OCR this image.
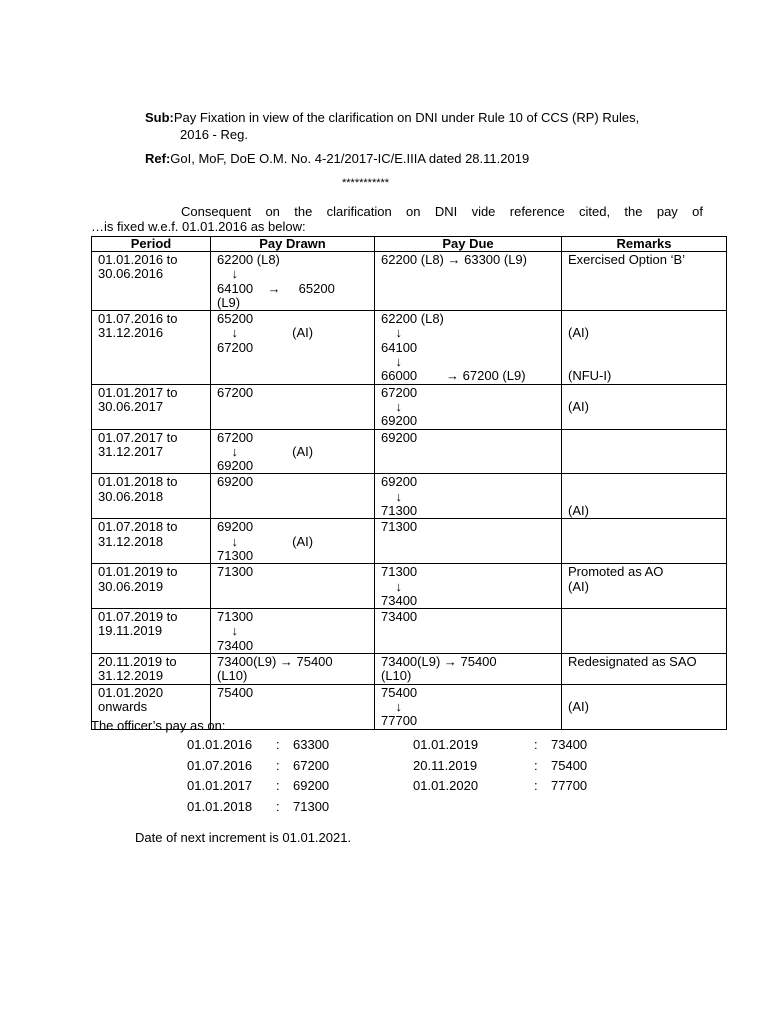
Sub:Pay Fixation in view of the clarification on DNI under Rule 10 of CCS (RP) Rules,
2016 - Reg.
Ref:GoI, MoF, DoE O.M. No. 4-21/2017-IC/E.IIIA dated 28.11.2019
***********
Consequent on the clarification on DNI vide reference cited, the pay of
…is fixed w.e.f. 01.01.2016 as below:
Period	Pay Drawn	Pay Due	Remarks

01.01.2016 to
30.06.2016	62200 (L8)
↓
64100    →     65200
(L9)	62200 (L8) → 63300 (L9)	Exercised Option ‘B’

01.07.2016 to
31.12.2016	65200
↓               (AI)
67200	62200 (L8)
↓
64100
↓
66000        → 67200 (L9)	(AI)

(NFU-I)

01.01.2017 to
30.06.2017	67200	67200
↓
69200	(AI)

01.07.2017 to
31.12.2017	67200
↓               (AI)
69200	69200	

01.01.2018 to
30.06.2018	69200	69200
↓
71300	(AI)

01.07.2018 to
31.12.2018	69200
↓               (AI)
71300	71300	

01.01.2019 to
30.06.2019	71300	71300
↓
73400	Promoted as AO
(AI)

01.07.2019 to
19.11.2019	71300
↓
73400	73400	

20.11.2019 to
31.12.2019	73400(L9) → 75400
(L10)	73400(L9) → 75400
(L10)	Redesignated as SAO

01.01.2020
onwards	75400	75400
↓
77700	(AI)
The officer’s pay as on:
01.01.2016 : 63300
01.07.2016 : 67200
01.01.2017 : 69200
01.01.2018 : 71300
01.01.2019	: 73400
20.11.2019	: 75400
01.01.2020	: 77700
Date of next increment is 01.01.2021.
